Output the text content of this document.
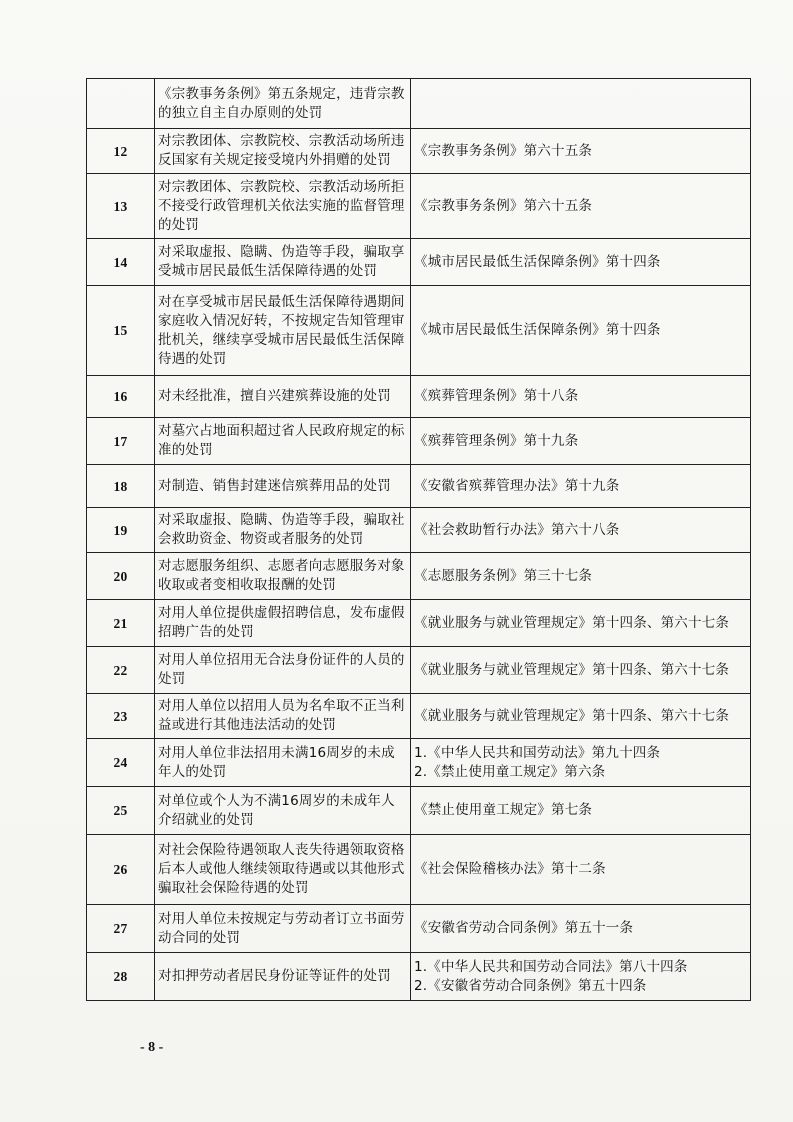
	《宗教事务条例》第五条规定，违背宗教的独立自主自办原则的处罚	
12	对宗教团体、宗教院校、宗教活动场所违反国家有关规定接受境内外捐赠的处罚	《宗教事务条例》第六十五条

13	对宗教团体、宗教院校、宗教活动场所拒不接受行政管理机关依法实施的监督管理的处罚	《宗教事务条例》第六十五条

14	对采取虚报、隐瞒、伪造等手段，骗取享受城市居民最低生活保障待遇的处罚	《城市居民最低生活保障条例》第十四条

15	对在享受城市居民最低生活保障待遇期间家庭收入情况好转，不按规定告知管理审批机关，继续享受城市居民最低生活保障待遇的处罚	《城市居民最低生活保障条例》第十四条

16	对未经批准，擅自兴建殡葬设施的处罚	《殡葬管理条例》第十八条

17	对墓穴占地面积超过省人民政府规定的标准的处罚	《殡葬管理条例》第十九条

18	对制造、销售封建迷信殡葬用品的处罚	《安徽省殡葬管理办法》第十九条

19	对采取虚报、隐瞒、伪造等手段，骗取社会救助资金、物资或者服务的处罚	《社会救助暂行办法》第六十八条

20	对志愿服务组织、志愿者向志愿服务对象收取或者变相收取报酬的处罚	《志愿服务条例》第三十七条

21	对用人单位提供虚假招聘信息，发布虚假招聘广告的处罚	《就业服务与就业管理规定》第十四条、第六十七条

22	对用人单位招用无合法身份证件的人员的处罚	《就业服务与就业管理规定》第十四条、第六十七条

23	对用人单位以招用人员为名牟取不正当利益或进行其他违法活动的处罚	《就业服务与就业管理规定》第十四条、第六十七条

24	对用人单位非法招用未满16周岁的未成年人的处罚	1.《中华人民共和国劳动法》第九十四条
2.《禁止使用童工规定》第六条

25	对单位或个人为不满16周岁的未成年人介绍就业的处罚	《禁止使用童工规定》第七条

26	对社会保险待遇领取人丧失待遇领取资格后本人或他人继续领取待遇或以其他形式骗取社会保险待遇的处罚	《社会保险稽核办法》第十二条

27	对用人单位未按规定与劳动者订立书面劳动合同的处罚	《安徽省劳动合同条例》第五十一条

28	对扣押劳动者居民身份证等证件的处罚	1.《中华人民共和国劳动合同法》第八十四条
2.《安徽省劳动合同条例》第五十四条
- 8 -
